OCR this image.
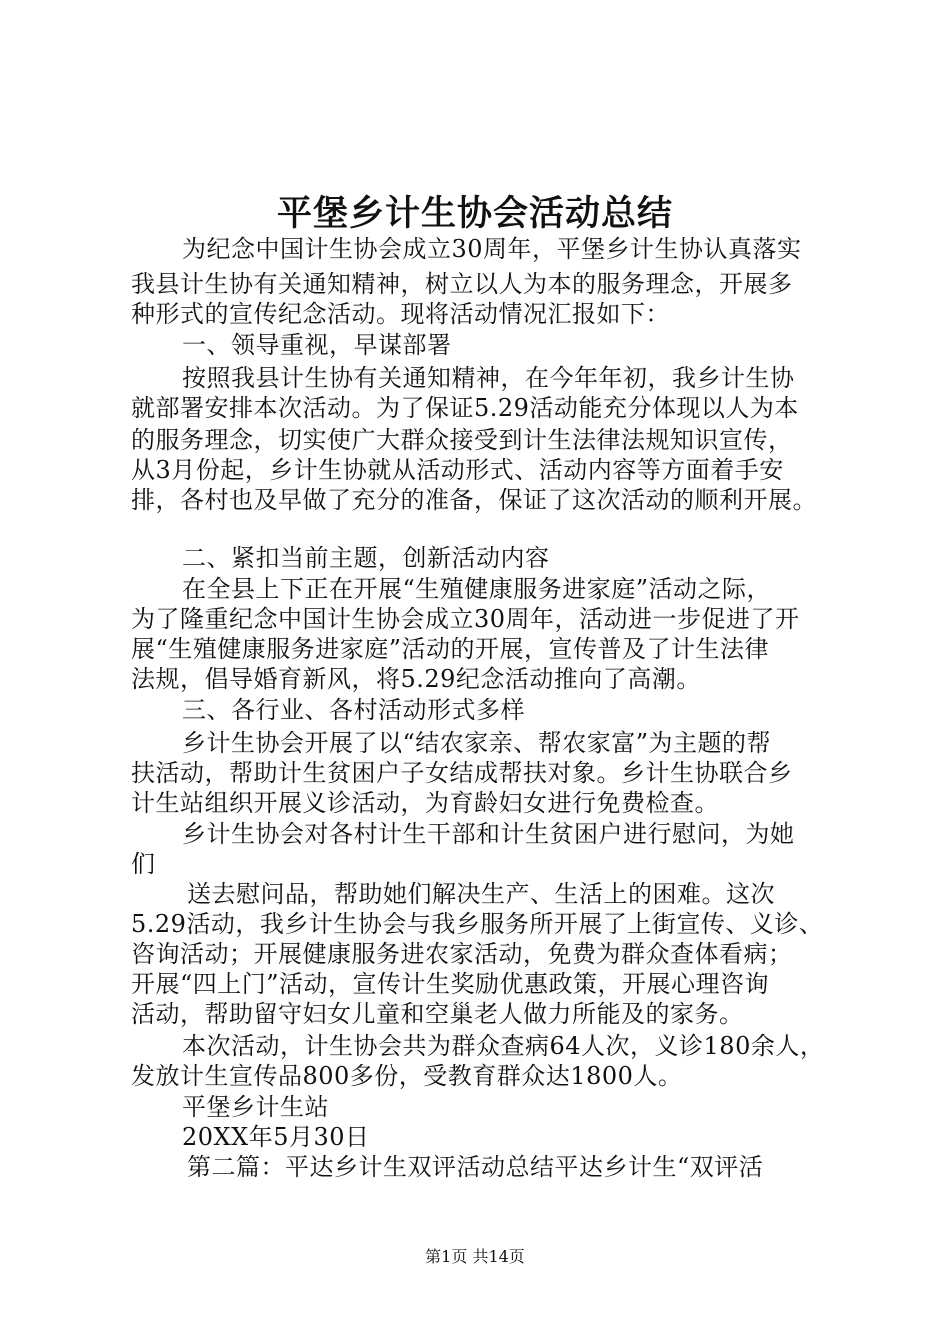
平堡乡计生协会活动总结
为纪念中国计生协会成立30周年，平堡乡计生协认真落实
我县计生协有关通知精神，树立以人为本的服务理念，开展多
种形式的宣传纪念活动。现将活动情况汇报如下：
一、领导重视，早谋部署
按照我县计生协有关通知精神，在今年年初，我乡计生协
就部署安排本次活动。为了保证5.29活动能充分体现以人为本
的服务理念，切实使广大群众接受到计生法律法规知识宣传，
从3月份起，乡计生协就从活动形式、活动内容等方面着手安
排，各村也及早做了充分的准备，保证了这次活动的顺利开展。
二、紧扣当前主题，创新活动内容
在全县上下正在开展“生殖健康服务进家庭”活动之际，
为了隆重纪念中国计生协会成立30周年，活动进一步促进了开
展“生殖健康服务进家庭”活动的开展，宣传普及了计生法律
法规，倡导婚育新风，将5.29纪念活动推向了高潮。
三、各行业、各村活动形式多样
乡计生协会开展了以“结农家亲、帮农家富”为主题的帮
扶活动，帮助计生贫困户子女结成帮扶对象。乡计生协联合乡
计生站组织开展义诊活动，为育龄妇女进行免费检查。
乡计生协会对各村计生干部和计生贫困户进行慰问，为她
们
送去慰问品，帮助她们解决生产、生活上的困难。这次
5.29活动，我乡计生协会与我乡服务所开展了上街宣传、义诊、
咨询活动；开展健康服务进农家活动，免费为群众查体看病；
开展“四上门”活动，宣传计生奖励优惠政策，开展心理咨询
活动，帮助留守妇女儿童和空巢老人做力所能及的家务。
本次活动，计生协会共为群众查病64人次，义诊180余人，
发放计生宣传品800多份，受教育群众达1800人。
平堡乡计生站
20XX年5月30日
第二篇：平达乡计生双评活动总结平达乡计生“双评活
第1页 共14页
